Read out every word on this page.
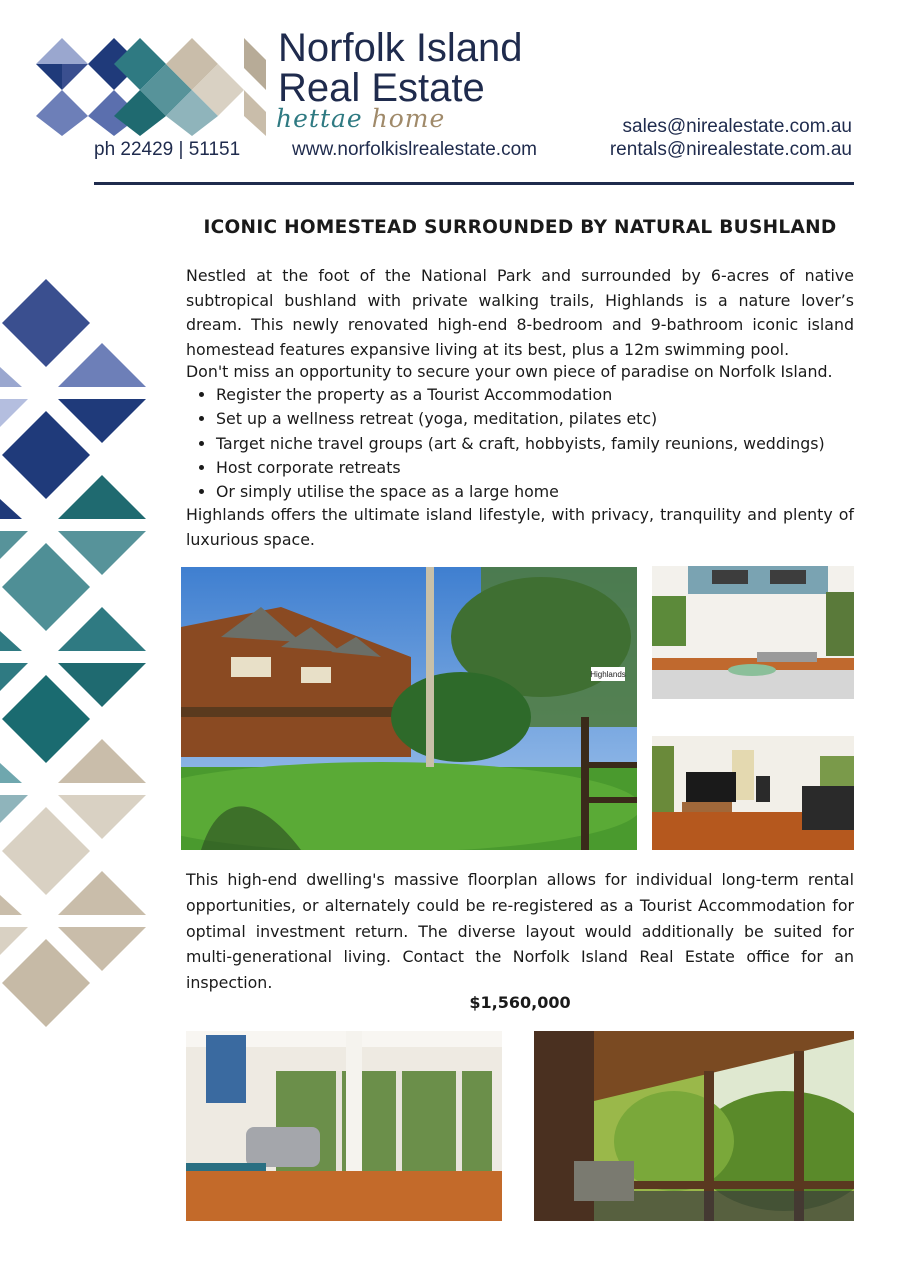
Norfolk Island
Real Estate
hettae home
ph 22429 | 51151	www.norfolkislrealestate.com
sales@nirealestate.com.au
rentals@nirealestate.com.au
ICONIC HOMESTEAD SURROUNDED BY NATURAL BUSHLAND
Nestled at the foot of the National Park and surrounded by 6-acres of native subtropical bushland with private walking trails, Highlands is a nature lover’s dream. This newly renovated high-end 8-bedroom and 9-bathroom iconic island homestead features expansive living at its best, plus a 12m swimming pool.
Don't miss an opportunity to secure your own piece of paradise on Norfolk Island.
• Register the property as a Tourist Accommodation
• Set up a wellness retreat (yoga, meditation, pilates etc)
• Target niche travel groups (art & craft, hobbyists, family reunions, weddings)
• Host corporate retreats
• Or simply utilise the space as a large home
Highlands offers the ultimate island lifestyle, with privacy, tranquility and plenty of luxurious space.
Highlands
This high-end dwelling's massive floorplan allows for individual long-term rental opportunities, or alternately could be re-registered as a Tourist Accommodation for optimal investment return. The diverse layout would additionally be suited for multi-generational living. Contact the Norfolk Island Real Estate office for an inspection.
$1,560,000
